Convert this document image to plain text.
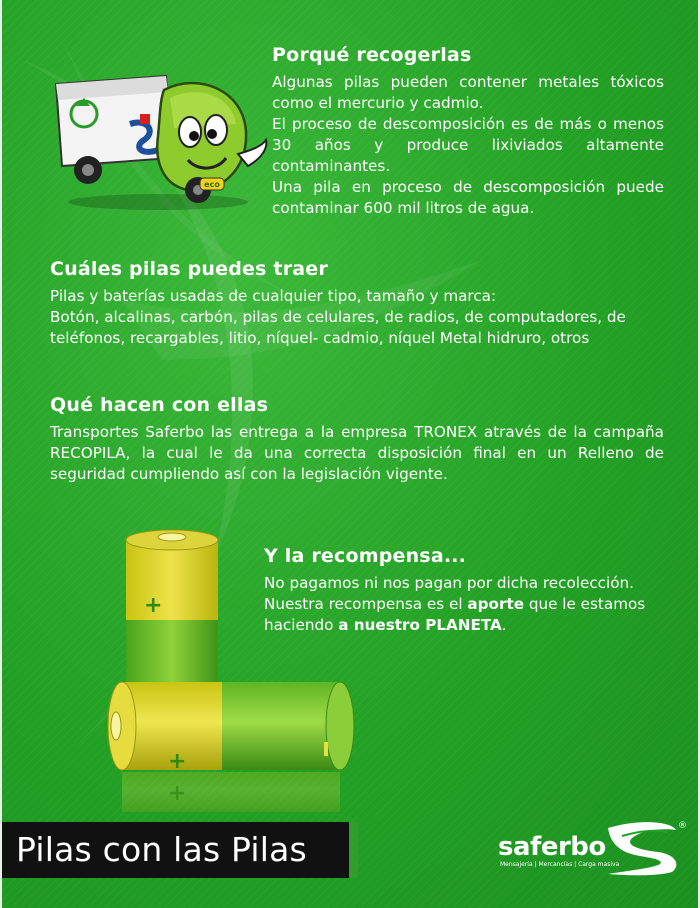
eco
Porqué recogerlas

Algunas pilas pueden contener metales tóxicos como el mercurio y cadmio.

El proceso de descomposición es de más o menos 30 años y produce lixiviados altamente contaminantes.

Una pila en proceso de descomposición puede contaminar 600 mil litros de agua.

Cuáles pilas puedes traer

Pilas y baterías usadas de cualquier tipo, tamaño y marca:

Botón, alcalinas, carbón, pilas de celulares, de radios, de computadores, de teléfonos, recargables, litio, níquel- cadmio, níquel Metal hidruro, otros

Qué hacen con ellas

Transportes Saferbo las entrega a la empresa TRONEX através de la campaña RECOPILA, la cual le da una correcta disposición final en un Relleno de seguridad cumpliendo así con la legislación vigente.

+
+
+
Y la recompensa...

No pagamos ni nos pagan por dicha recolección.

Nuestra recompensa es el aporte que le estamos haciendo a nuestro PLANETA.

Pilas con las Pilas	saferbo
Mensajería | Mercancías | Carga masiva
®
